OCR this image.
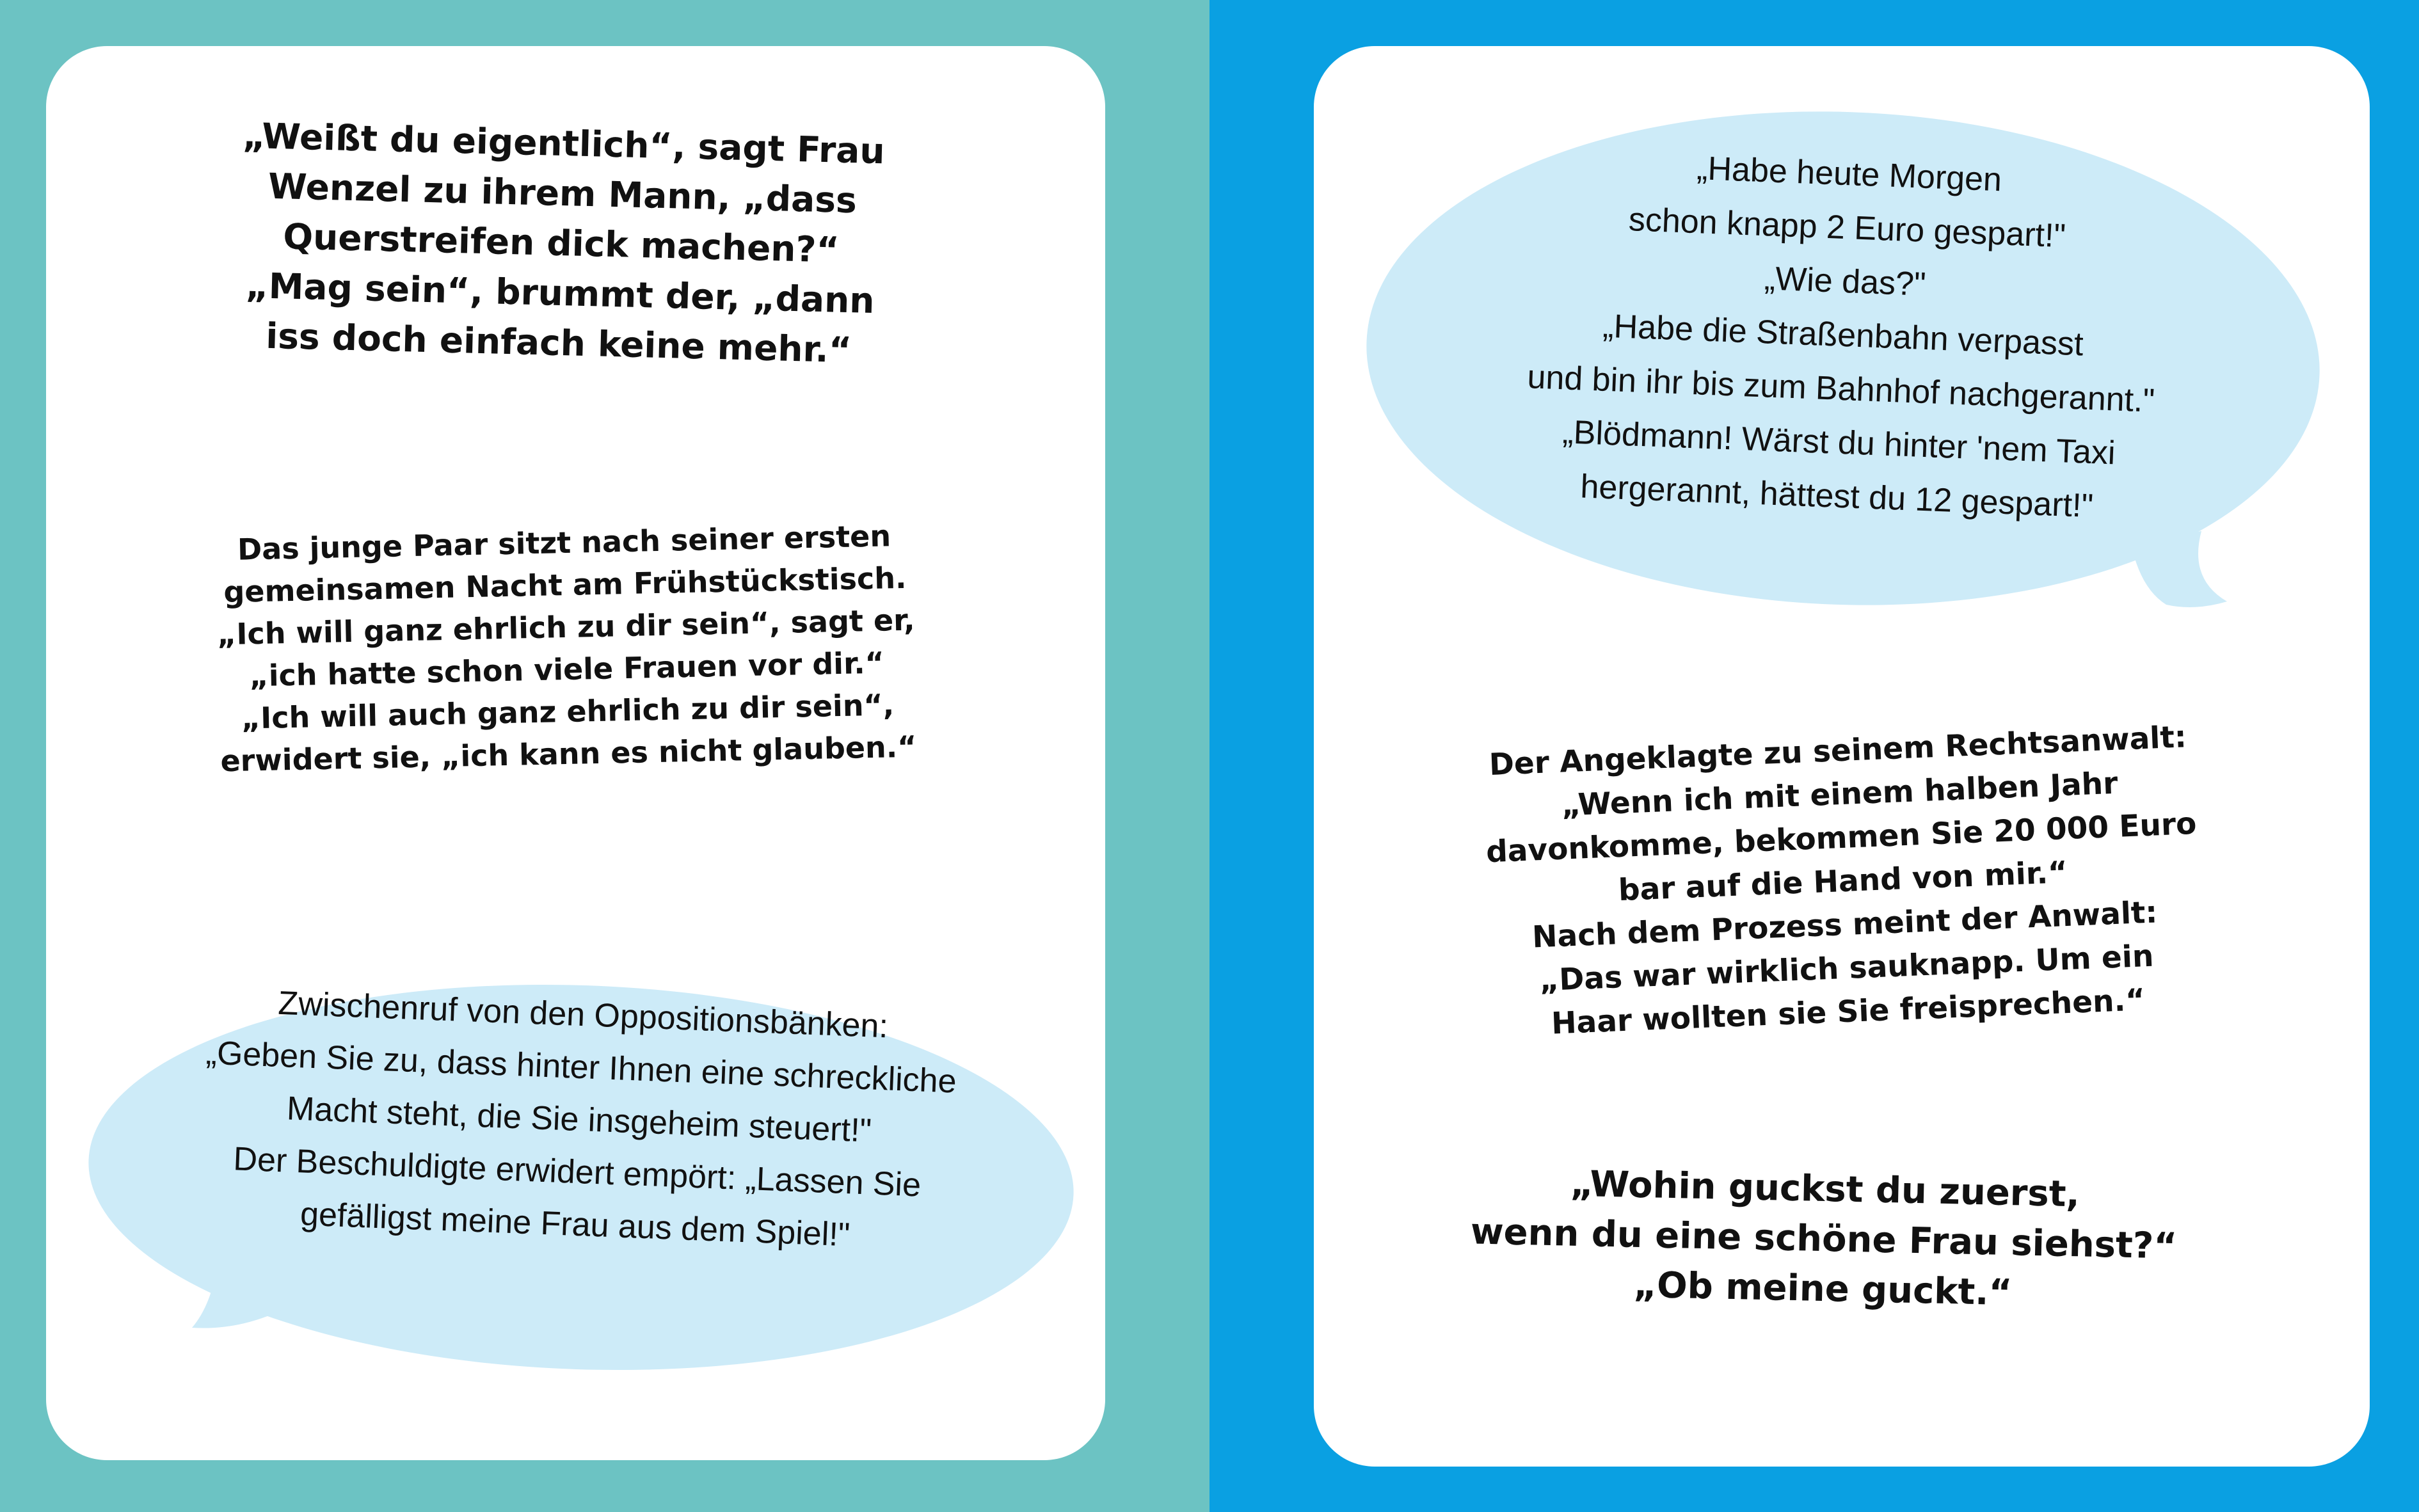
„Weißt du eigentlich“, sagt Frau
Wenzel zu ihrem Mann, „dass
Querstreifen dick machen?“
„Mag sein“, brummt der, „dann
iss doch einfach keine mehr.“
Das junge Paar sitzt nach seiner ersten
gemeinsamen Nacht am Frühstückstisch.
„Ich will ganz ehrlich zu dir sein“, sagt er,
„ich hatte schon viele Frauen vor dir.“
„Ich will auch ganz ehrlich zu dir sein“,
erwidert sie, „ich kann es nicht glauben.“
Zwischenruf von den Oppositionsbänken:
„Geben Sie zu, dass hinter Ihnen eine schreckliche
Macht steht, die Sie insgeheim steuert!"
Der Beschuldigte erwidert empört: „Lassen Sie
gefälligst meine Frau aus dem Spiel!"
„Habe heute Morgen
schon knapp 2 Euro gespart!"
„Wie das?"
„Habe die Straßenbahn verpasst
und bin ihr bis zum Bahnhof nachgerannt."
„Blödmann! Wärst du hinter 'nem Taxi
hergerannt, hättest du 12 gespart!"
Der Angeklagte zu seinem Rechtsanwalt:
„Wenn ich mit einem halben Jahr
davonkomme, bekommen Sie 20 000 Euro
bar auf die Hand von mir.“
Nach dem Prozess meint der Anwalt:
„Das war wirklich sauknapp. Um ein
Haar wollten sie Sie freisprechen.“
„Wohin guckst du zuerst,
wenn du eine schöne Frau siehst?“
„Ob meine guckt.“
